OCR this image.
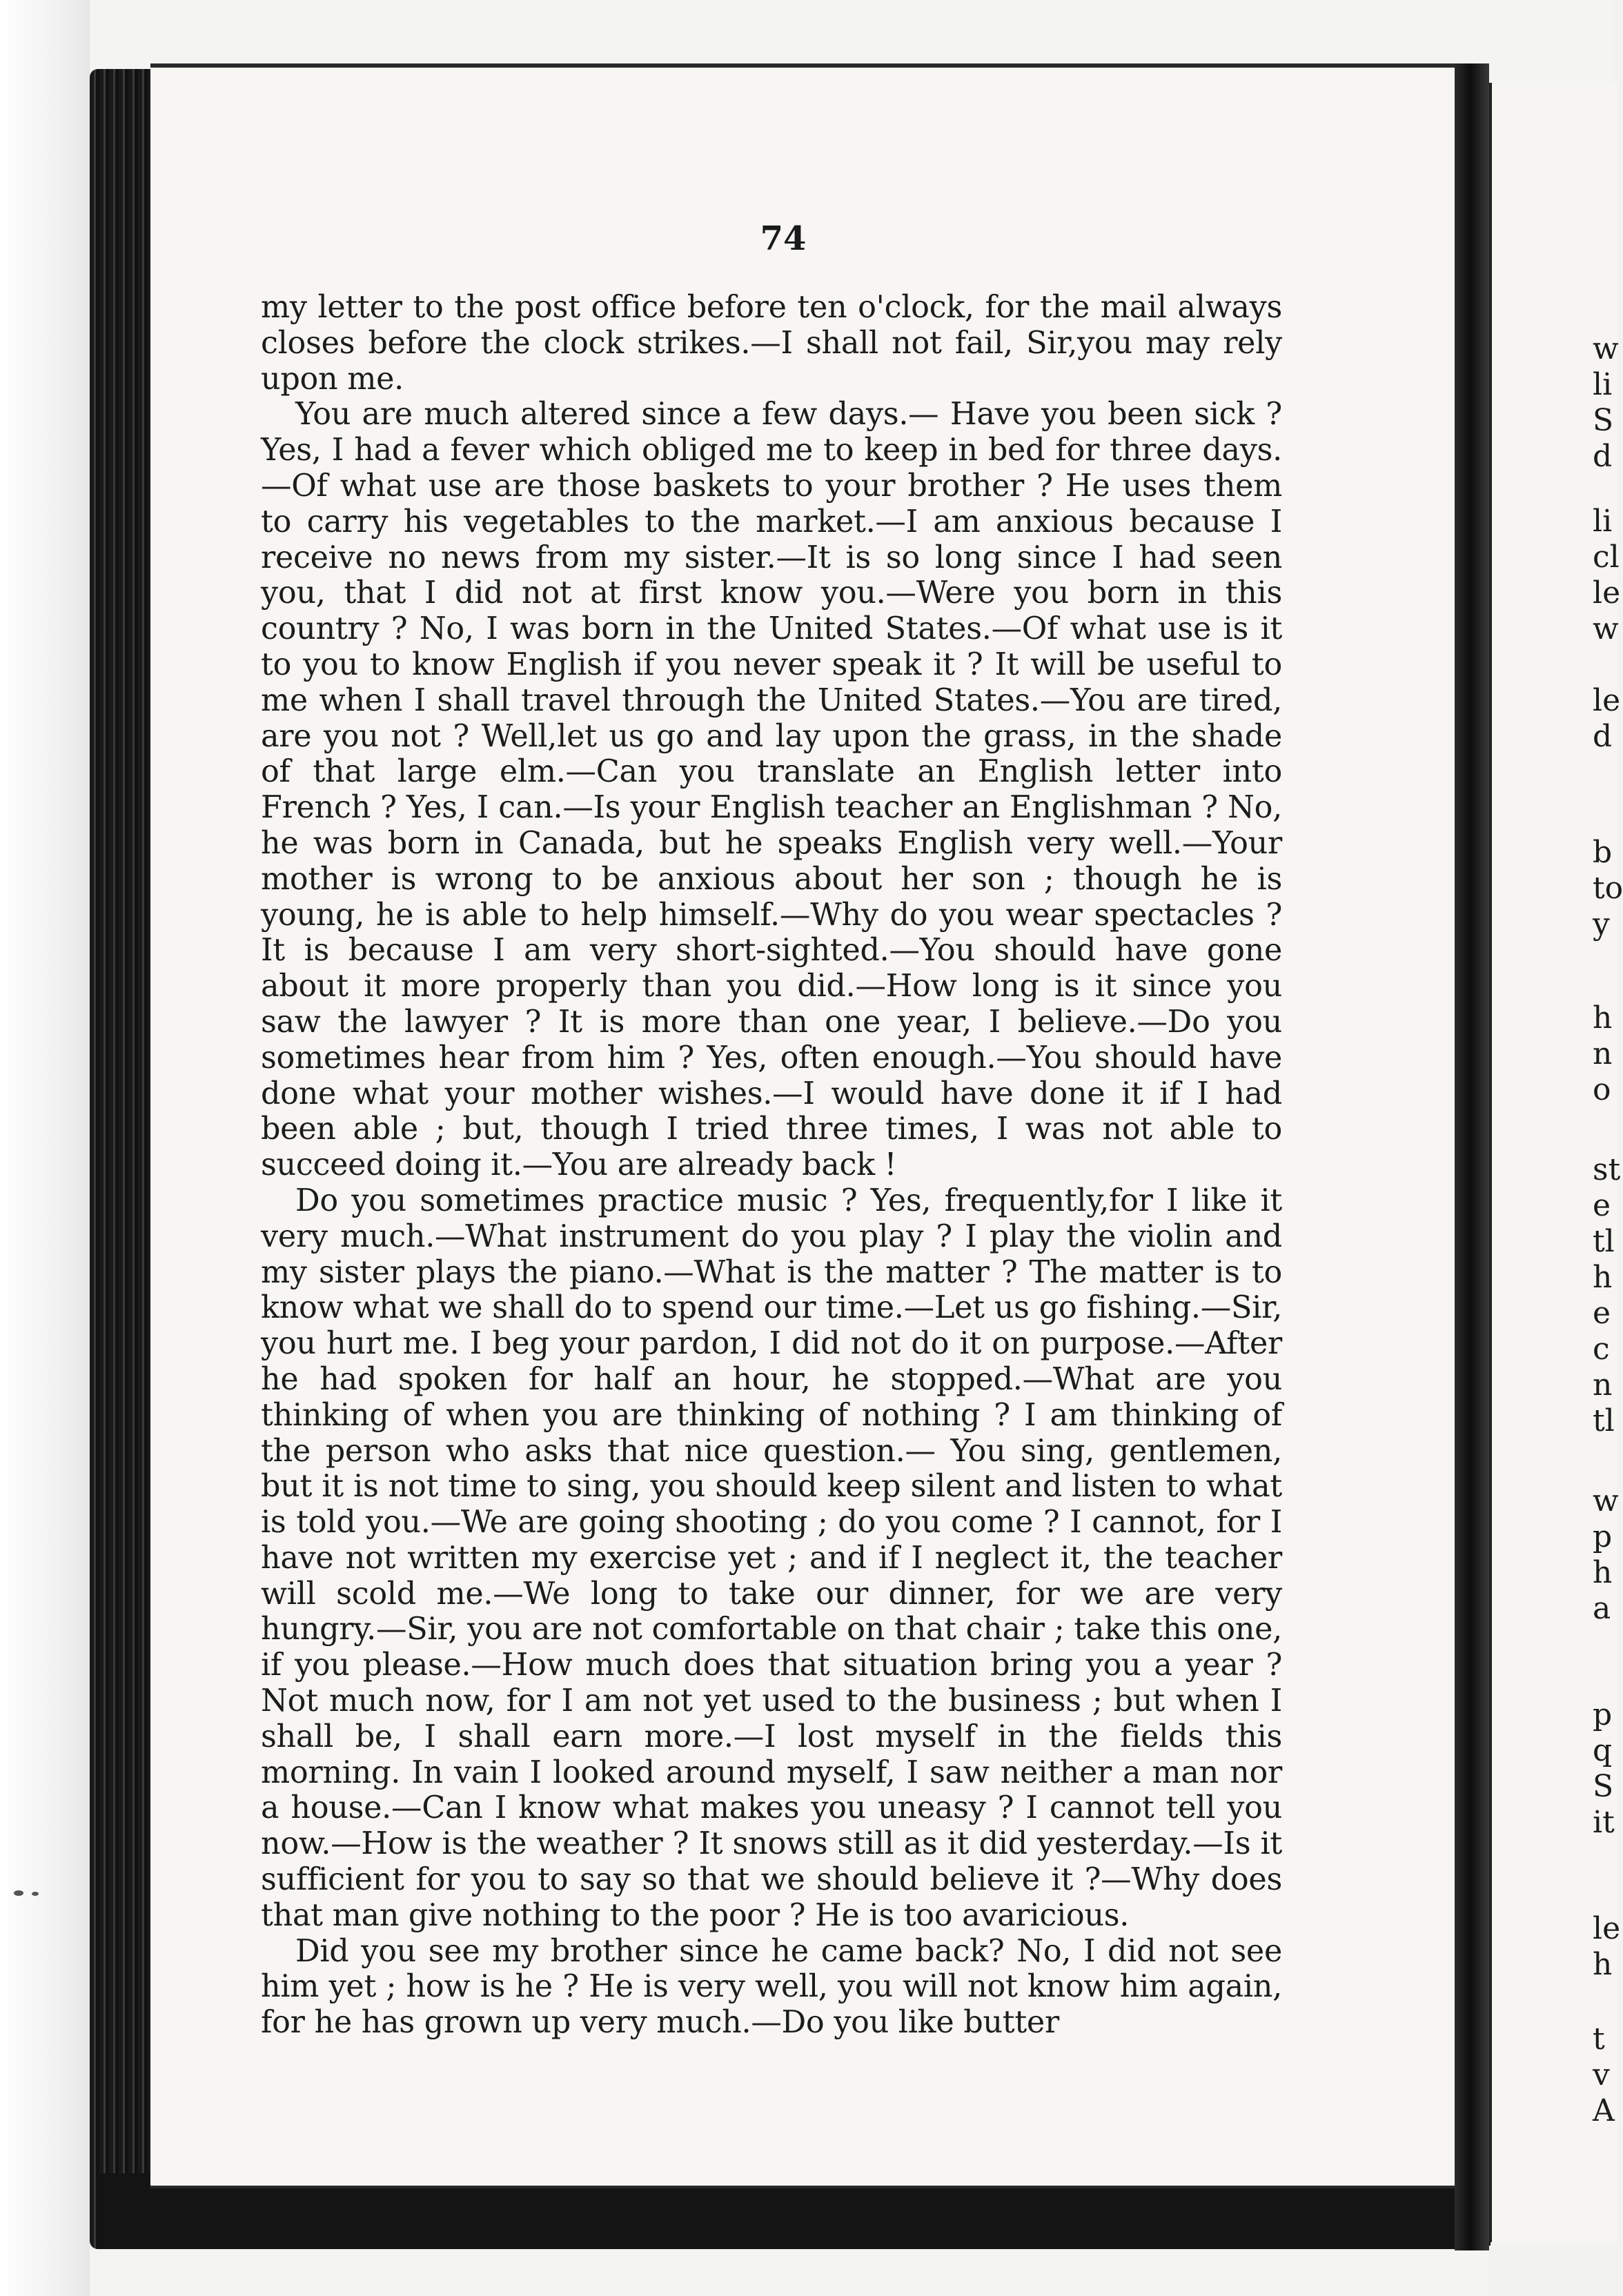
74

my letter to the post office before ten o'clock, for the mail always closes before the clock strikes.—I shall not fail, Sir,you may rely upon me.

You are much altered since a few days.— Have you been sick ? Yes, I had a fever which obliged me to keep in bed for three days.—Of what use are those baskets to your brother ? He uses them to carry his vegetables to the market.—I am anxious because I receive no news from my sister.—It is so long since I had seen you, that I did not at first know you.—Were you born in this country ? No, I was born in the United States.—Of what use is it to you to know English if you never speak it ? It will be useful to me when I shall travel through the United States.—You are tired, are you not ? Well,let us go and lay upon the grass, in the shade of that large elm.—Can you translate an English letter into French ? Yes, I can.—Is your English teacher an Englishman ? No, he was born in Canada, but he speaks English very well.—Your mother is wrong to be anxious about her son ; though he is young, he is able to help himself.—Why do you wear spectacles ? It is because I am very short-sighted.—You should have gone about it more properly than you did.—How long is it since you saw the lawyer ? It is more than one year, I believe.—Do you sometimes hear from him ? Yes, often enough.—You should have done what your mother wishes.—I would have done it if I had been able ; but, though I tried three times, I was not able to succeed doing it.—You are already back !

Do you sometimes practice music ? Yes, frequently,for I like it very much.—What instrument do you play ? I play the violin and my sister plays the piano.—What is the matter ? The matter is to know what we shall do to spend our time.—Let us go fishing.—Sir, you hurt me. I beg your pardon, I did not do it on purpose.—After he had spoken for half an hour, he stopped.—What are you thinking of when you are thinking of nothing ? I am thinking of the person who asks that nice question.— You sing, gentlemen, but it is not time to sing, you should keep silent and listen to what is told you.—We are going shooting ; do you come ? I cannot, for I have not written my exercise yet ; and if I neglect it, the teacher will scold me.—We long to take our dinner, for we are very hungry.—Sir, you are not comfortable on that chair ; take this one, if you please.—How much does that situation bring you a year ? Not much now, for I am not yet used to the business ; but when I shall be, I shall earn more.—I lost myself in the fields this morning. In vain I looked around myself, I saw neither a man nor a house.—Can I know what makes you uneasy ? I cannot tell you now.—How is the weather ? It snows still as it did yesterday.—Is it sufficient for you to say so that we should believe it ?—Why does that man give nothing to the poor ? He is too avaricious.

Did you see my brother since he came back? No, I did not see him yet ; how is he ? He is very well, you will not know him again, for he has grown up very much.—Do you like butter

w
li
S
d
li
cl
le
w
le
d
b
to
y
h
n
o
st
e
tl
h
e
c
n
tl
w
p
h
a
p
q
S
it
le
h
t
v
A
